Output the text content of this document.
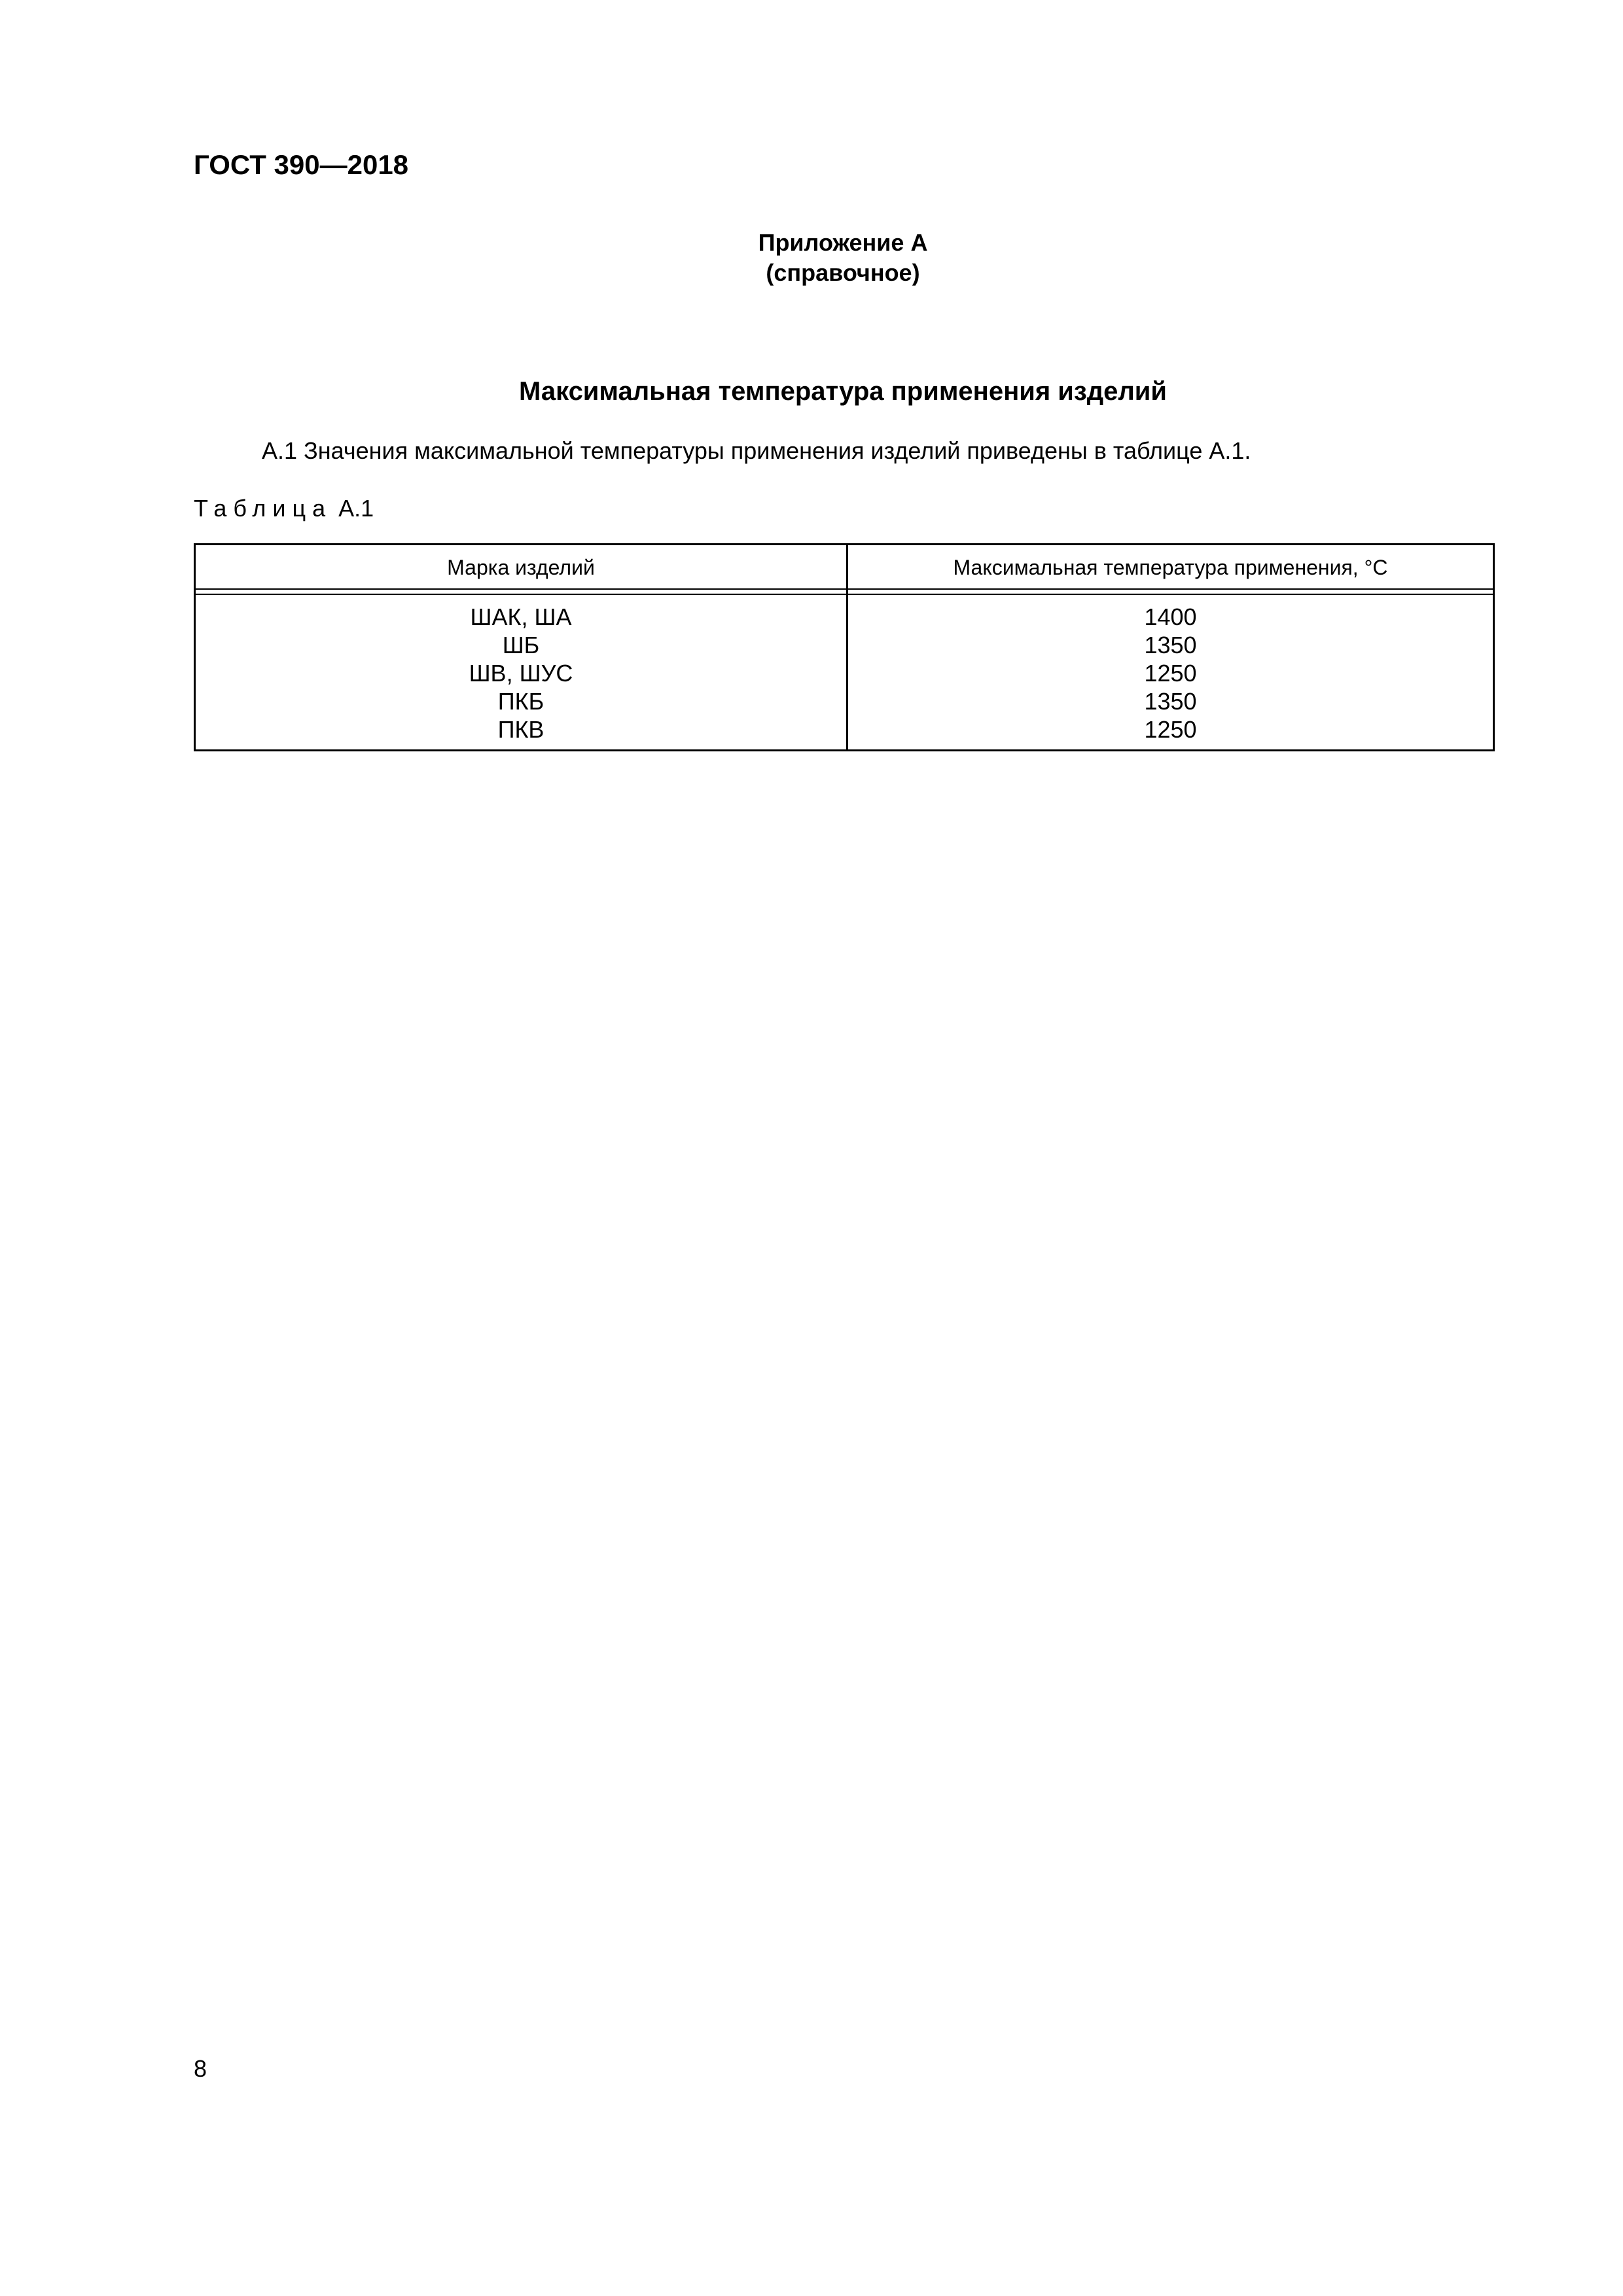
ГОСТ 390—2018
Приложение А
(справочное)
Максимальная температура применения изделий
А.1 Значения максимальной температуры применения изделий приведены в таблице А.1.
Таблица А.1
Марка изделий	Максимальная температура применения, °С
ШАК, ША
ШБ
ШВ, ШУС
ПКБ
ПКВ
1400
1350
1250
1350
1250
8
